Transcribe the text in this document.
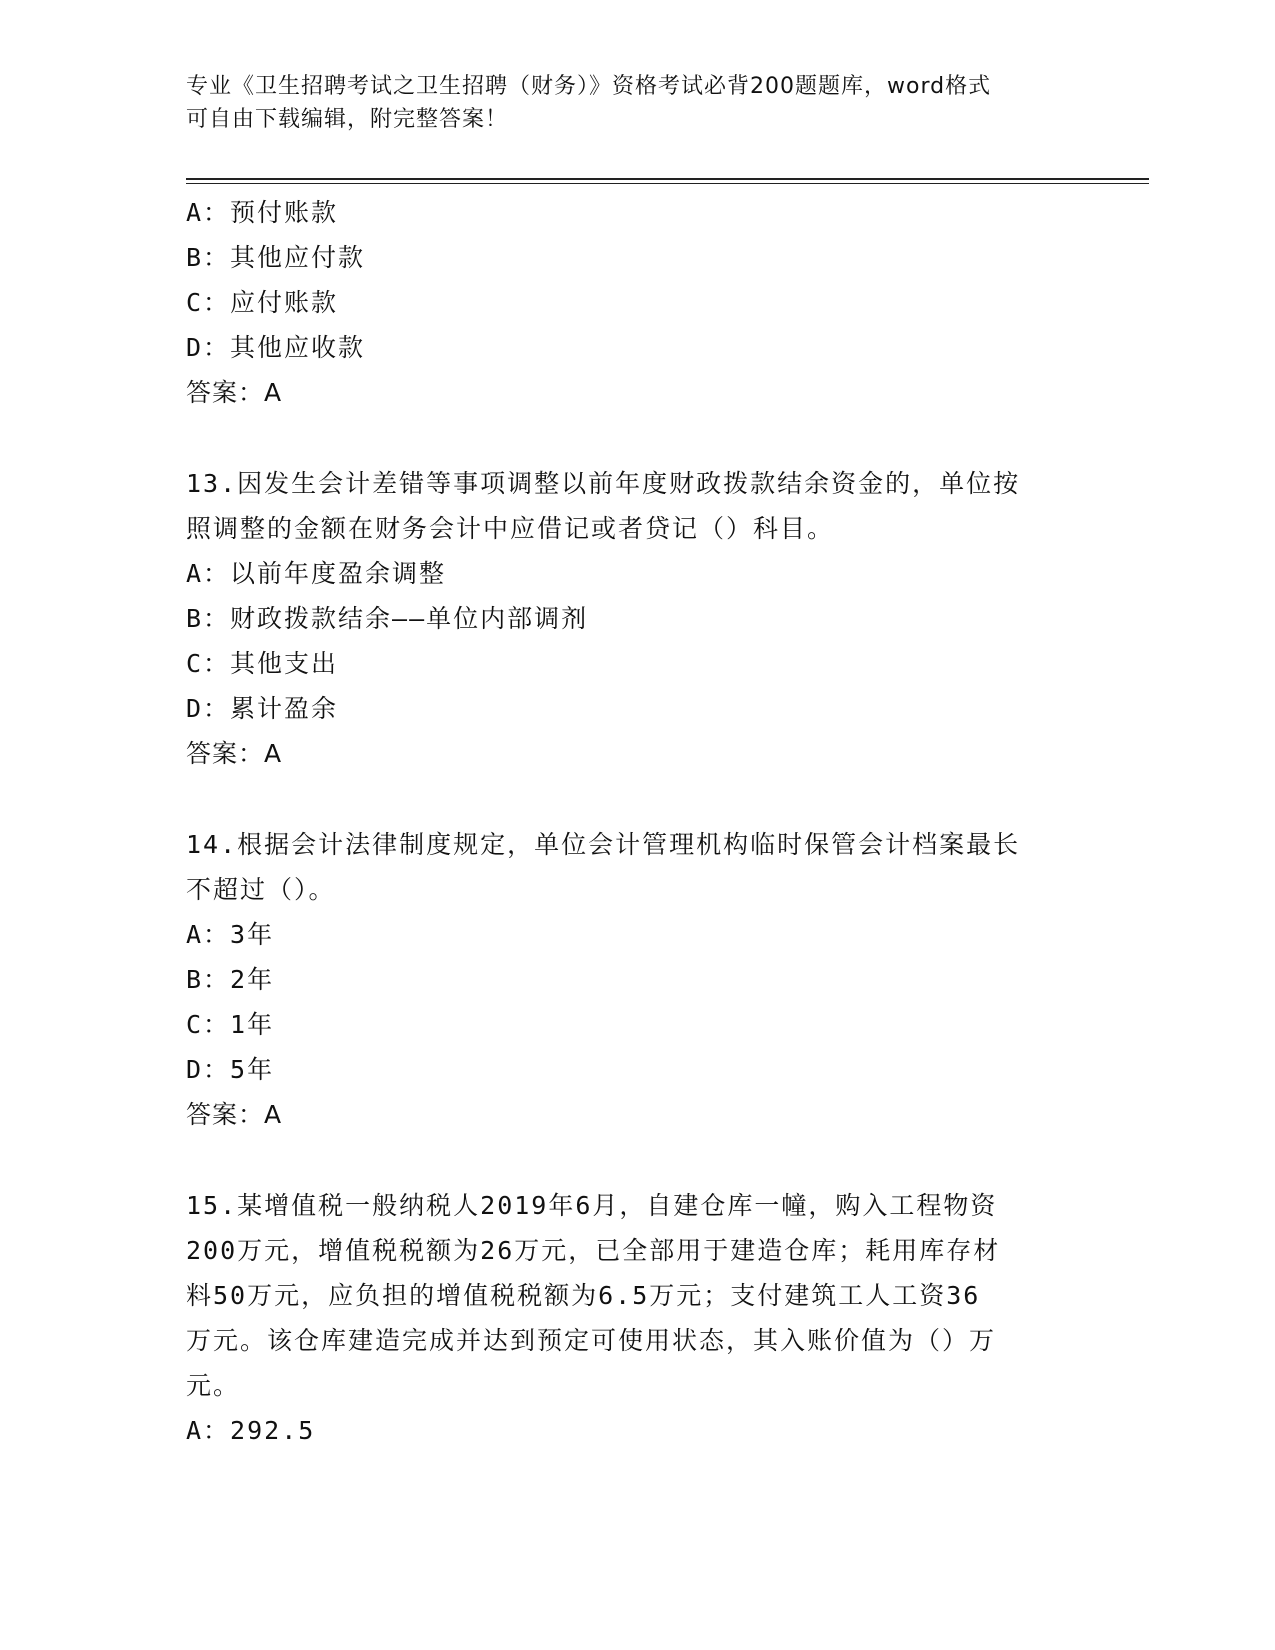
专业《卫生招聘考试之卫生招聘（财务）》资格考试必背200题题库，word格式
可自由下载编辑，附完整答案！
A：预付账款
B：其他应付款
C：应付账款
D：其他应收款
答案：A
13.因发生会计差错等事项调整以前年度财政拨款结余资金的，单位按
照调整的金额在财务会计中应借记或者贷记（）科目。
A：以前年度盈余调整
B：财政拨款结余——单位内部调剂
C：其他支出
D：累计盈余
答案：A
14.根据会计法律制度规定，单位会计管理机构临时保管会计档案最长
不超过（）。
A：3年
B：2年
C：1年
D：5年
答案：A
15.某增值税一般纳税人2019年6月，自建仓库一幢，购入工程物资
200万元，增值税税额为26万元，已全部用于建造仓库；耗用库存材
料50万元，应负担的增值税税额为6.5万元；支付建筑工人工资36
万元。该仓库建造完成并达到预定可使用状态，其入账价值为（）万
元。
A：292.5
